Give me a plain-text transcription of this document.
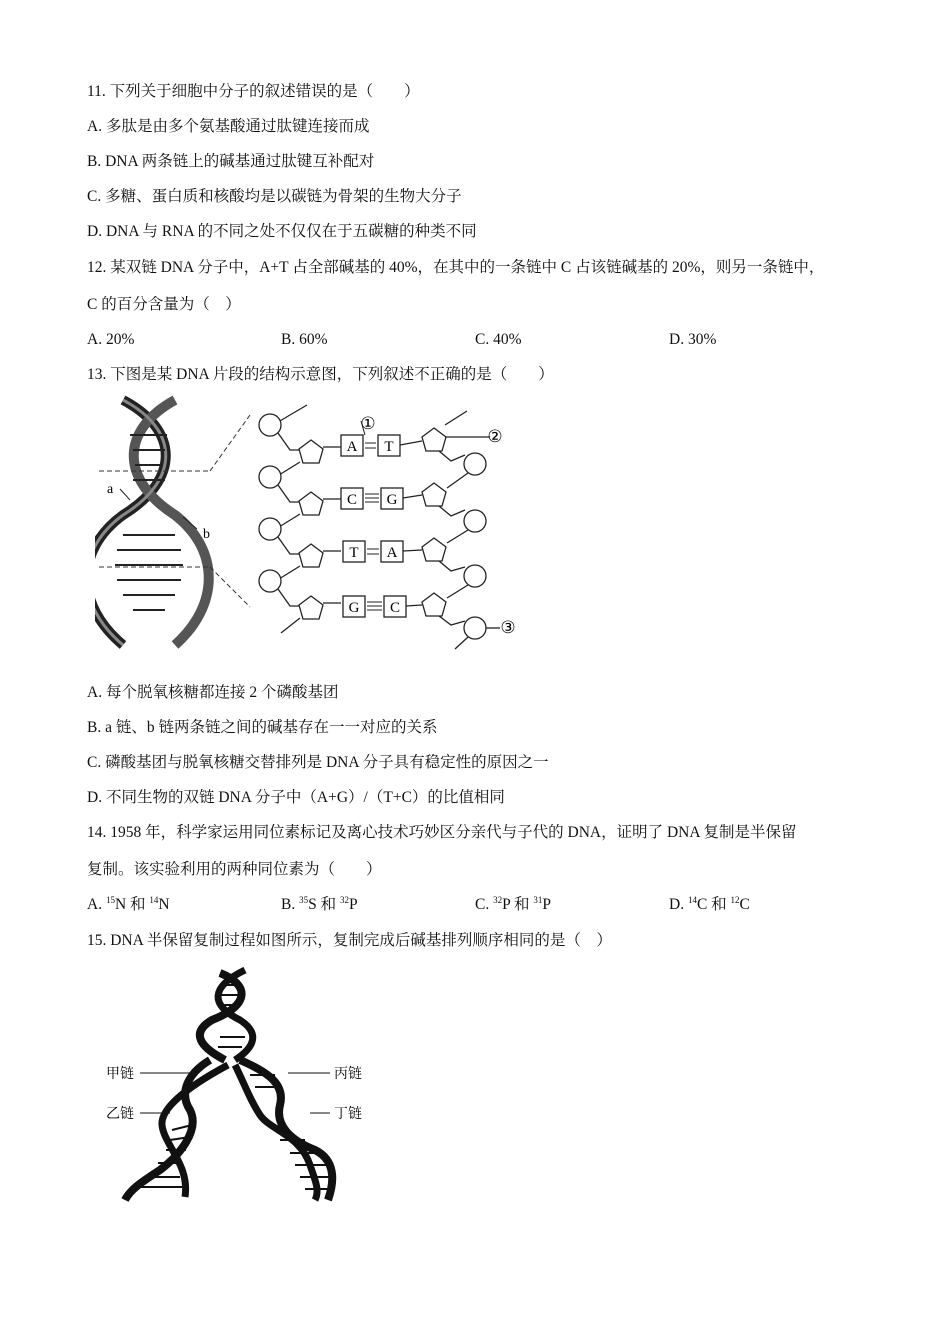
11. 下列关于细胞中分子的叙述错误的是（　　）
A. 多肽是由多个氨基酸通过肽键连接而成
B. DNA 两条链上的碱基通过肽键互补配对
C. 多糖、蛋白质和核酸均是以碳链为骨架的生物大分子
D. DNA 与 RNA 的不同之处不仅仅在于五碳糖的种类不同
12. 某双链 DNA 分子中，A+T 占全部碱基的 40%，在其中的一条链中 C 占该链碱基的 20%，则另一条链中，
C 的百分含量为（　）
A. 20%	B. 60%	C. 40%	D. 30%
13. 下图是某 DNA 片段的结构示意图，下列叙述不正确的是（　　）
a
b
A T
C G
T A
G C
①
②
③
A. 每个脱氧核糖都连接 2 个磷酸基团
B. a 链、b 链两条链之间的碱基存在一一对应的关系
C. 磷酸基团与脱氧核糖交替排列是 DNA 分子具有稳定性的原因之一
D. 不同生物的双链 DNA 分子中（A+G）/（T+C）的比值相同
14. 1958 年，科学家运用同位素标记及离心技术巧妙区分亲代与子代的 DNA，证明了 DNA 复制是半保留
复制。该实验利用的两种同位素为（　　）
A. $^{15}$N 和 $^{14}$N	B. $^{35}$S 和 $^{32}$P	C. $^{32}$P 和 $^{31}$P	D. $^{14}$C 和 $^{12}$C
15. DNA 半保留复制过程如图所示，复制完成后碱基排列顺序相同的是（　）
甲链
乙链
丙链
丁链
